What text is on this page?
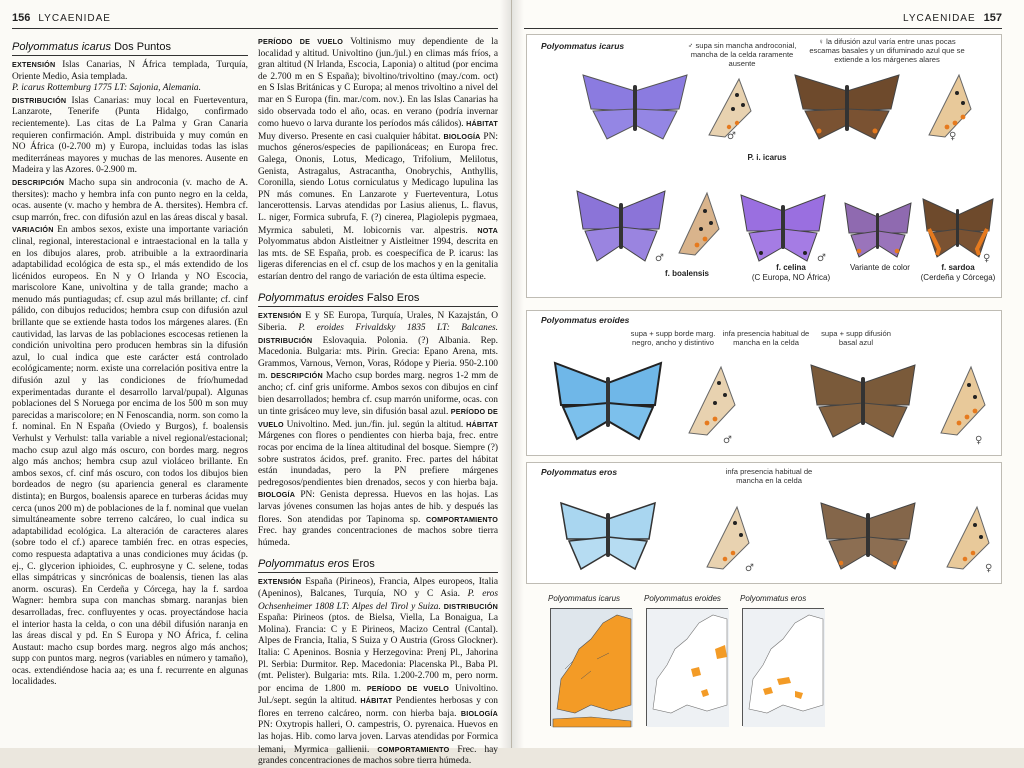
156 LYCAENIDAE
Polyommatus icarus Dos Puntos

EXTENSIÓN Islas Canarias, N África templada, Turquía, Oriente Medio, Asia templada.

P. icarus Rottemburg 1775 LT: Sajonia, Alemania.

DISTRIBUCIÓN Islas Canarias: muy local en Fuerteventura, Lanzarote, Tenerife (Punta Hidalgo, confirmado recientemente). Las citas de La Palma y Gran Canaria requieren confirmación. Ampl. distribuida y muy común en NO África (0-2.700 m) y Europa, incluidas todas las islas mediterráneas mayores y muchas de las menores. Ausente en Madeira y las Azores. 0-2.900 m.

DESCRIPCIÓN Macho supa sin androconia (v. macho de A. thersites): macho y hembra infa con punto negro en la celda, ocas. ausente (v. macho y hembra de A. thersites). Hembra cf. csup marrón, frec. con difusión azul en las áreas discal y basal.

VARIACIÓN En ambos sexos, existe una importante variación clinal, regional, interestacional e intraestacional en la talla y en los dibujos alares, prob. atribuible a la extraordinaria adaptabilidad ecológica de esta sp., el más extendido de los licénidos europeos. En N y O Irlanda y NO Escocia, mariscolore Kane, univoltina y de talla grande; macho a menudo más puntiagudas; cf. csup azul más brillante; cf. cinf pálido, con dibujos reducidos; hembra csup con difusión azul brillante que se extiende hasta todos los márgenes alares. (En cautividad, las larvas de las poblaciones escocesas retienen la condición univoltina pero producen hembras sin la difusión azul, lo cual indica que este carácter está controlado ecológicamente; norm. existe una correlación positiva entre la difusión azul y las condiciones de frío/humedad experimentadas durante el desarrollo larval/pupal). Algunas poblaciones del S Noruega por encima de los 500 m son muy parecidas a mariscolore; en N Fenoscandia, norm. son como la f. nominal. En N España (Oviedo y Burgos), f. boalensis Verhulst y Verhulst: talla variable a nivel regional/estacional; macho csup azul algo más oscuro, con bordes marg. negros algo más anchos; hembra csup azul violáceo brillante. En ambos sexos, cf. cinf más oscuro, con todos los dibujos bien bordeados de negro (su apariencia general es claramente distinta); en Burgos, boalensis aparece en turberas ácidas muy cerca (unos 200 m) de poblaciones de la f. nominal que vuelan simultáneamente sobre terreno calcáreo, lo cual indica su adaptabilidad ecológica. La alteración de caracteres alares (sobre todo el cf.) aparece también frec. en otras especies, como respuesta adaptativa a unas condiciones muy ácidas (p. ej., C. glycerion iphioides, C. euphrosyne y C. selene, todas ellas simpátricas y sincrónicas de boalensis, tienen las alas anorm. oscuras). En Cerdeña y Córcega, hay la f. sardoa Wagner: hembra supa con manchas sbmarg. naranjas bien desarrolladas, frec. confluyentes y ocas. proyectándose hacia el interior hasta la celda, o con una débil difusión naranja en las áreas discal y pd. En S Europa y NO África, f. celina Austaut: macho csup bordes marg. negros algo más anchos; supp con puntos marg. negros (variables en número y tamaño), ocas. extendiéndose hacia aa; es una f. recurrente en algunas localidades.

PERÍODO DE VUELO Voltinismo muy dependiente de la localidad y altitud. Univoltino (jun./jul.) en climas más fríos, a gran altitud (N Irlanda, Escocia, Laponia) o altitud (por encima de 2.700 m en S España); bivoltino/trivoltino (may./com. oct) en S Islas Británicas y C Europa; al menos trivoltino a nivel del mar en S Europa (fin. mar./com. nov.). En las Islas Canarias ha sido observada todo el año, ocas. en verano (podría invernar como huevo o larva durante los períodos más cálidos). HÁBITAT Muy diverso. Presente en casi cualquier hábitat. BIOLOGÍA PN: muchos géneros/especies de papilionáceas; en Europa frec. Galega, Ononis, Lotus, Medicago, Trifolium, Melilotus, Genista, Astragalus, Astracantha, Onobrychis, Anthyllis, Coronilla, siendo Lotus corniculatus y Medicago lupulina las PN más comunes. En Lanzarote y Fuerteventura, Lotus lancerottensis. Larvas atendidas por Lasius alienus, L. flavus, L. niger, Formica subrufa, F. (?) cinerea, Plagiolepis pygmaea, Myrmica sabuleti, M. lobicornis var. alpestris. NOTA Polyommatus abdon Aistleitner y Aistleitner 1994, descrita en las mts. de SE España, prob. es coespecífica de P. icarus: las ligeras diferencias en el cf. csup de los machos y en la genitalia estarían dentro del rango de variación de esta última especie.

Polyommatus eroides Falso Eros

EXTENSIÓN E y SE Europa, Turquía, Urales, N Kazajstán, O Siberia. P. eroides Frivaldsky 1835 LT: Balcanes. DISTRIBUCIÓN Eslovaquia. Polonia. (?) Albania. Rep. Macedonia. Bulgaria: mts. Pirin. Grecia: Epano Arena, mts. Grammos, Varnous, Vernon, Voras, Ródope y Pieria. 950-2.100 m. DESCRIPCIÓN Macho csup bordes marg. negros 1-2 mm de ancho; cf. cinf gris uniforme. Ambos sexos con dibujos en cinf bien desarrollados; hembra cf. csup marrón uniforme, ocas. con un tinte grisáceo muy leve, sin difusión basal azul. PERÍODO DE VUELO Univoltino. Med. jun./fin. jul. según la altitud. HÁBITAT Márgenes con flores o pendientes con hierba baja, frec. entre rocas por encima de la línea altitudinal del bosque. Siempre (?) sobre sustratos ácidos, pref. granito. Frec. partes del hábitat están inundadas, pero la PN prefiere márgenes pedregosos/pendientes bien drenados, secos y con hierba baja. BIOLOGÍA PN: Genista depressa. Huevos en las hojas. Las larvas jóvenes consumen las hojas antes de hib. y después las flores. Son atendidas por Tapinoma sp. COMPORTAMIENTO Frec. hay grandes concentraciones de machos sobre tierra húmeda.

Polyommatus eros Eros

EXTENSIÓN España (Pirineos), Francia, Alpes europeos, Italia (Apeninos), Balcanes, Turquía, NO y C Asia. P. eros Ochsenheimer 1808 LT: Alpes del Tirol y Suiza. DISTRIBUCIÓN España: Pirineos (ptos. de Bielsa, Viella, La Bonaigua, La Molina). Francia: C y E Pirineos, Macizo Central (Cantal). Alpes de Francia, Italia, S Suiza y O Austria (Gross Glockner). Italia: C Apeninos. Bosnia y Herzegovina: Prenj Pl., Jahorina Pl. Serbia: Durmitor. Rep. Macedonia: Placenska Pl., Baba Pl. (mt. Pelister). Bulgaria: mts. Rila. 1.200-2.700 m, pero norm. por encima de 1.800 m. PERÍODO DE VUELO Univoltino. Jul./sept. según la altitud. HÁBITAT Pendientes herbosas y con flores en terreno calcáreo, norm. con hierba baja. BIOLOGÍA PN: Oxytropis halleri, O. campestris, O. pyrenaica. Huevos en las hojas. Hib. como larva joven. Larvas atendidas por Formica lemani, Myrmica gallienii. COMPORTAMIENTO Frec. hay grandes concentraciones de machos sobre tierra húmeda.

LYCAENIDAE 157
Polyommatus icarus	♂ supa sin mancha androconial, mancha de la celda raramente ausente
♀ la difusión azul varía entre unas pocas escamas basales y un difuminado azul que se extiende a los márgenes alares
♂	♀
P. i. icarus
♂	♂	♀
f. boalensis
f. celina
(C Europa, NO África)
Variante de color	f. sardoa
(Cerdeña y Córcega)
Polyommatus eroides
supa + supp borde marg. negro, ancho y distintivo
infa presencia habitual de mancha en la celda
supa + supp difusión basal azul
♂	♀
Polyommatus eros	infa presencia habitual de mancha en la celda
♂	♀
Polyommatus icarus	Polyommatus eroides Polyommatus eros
